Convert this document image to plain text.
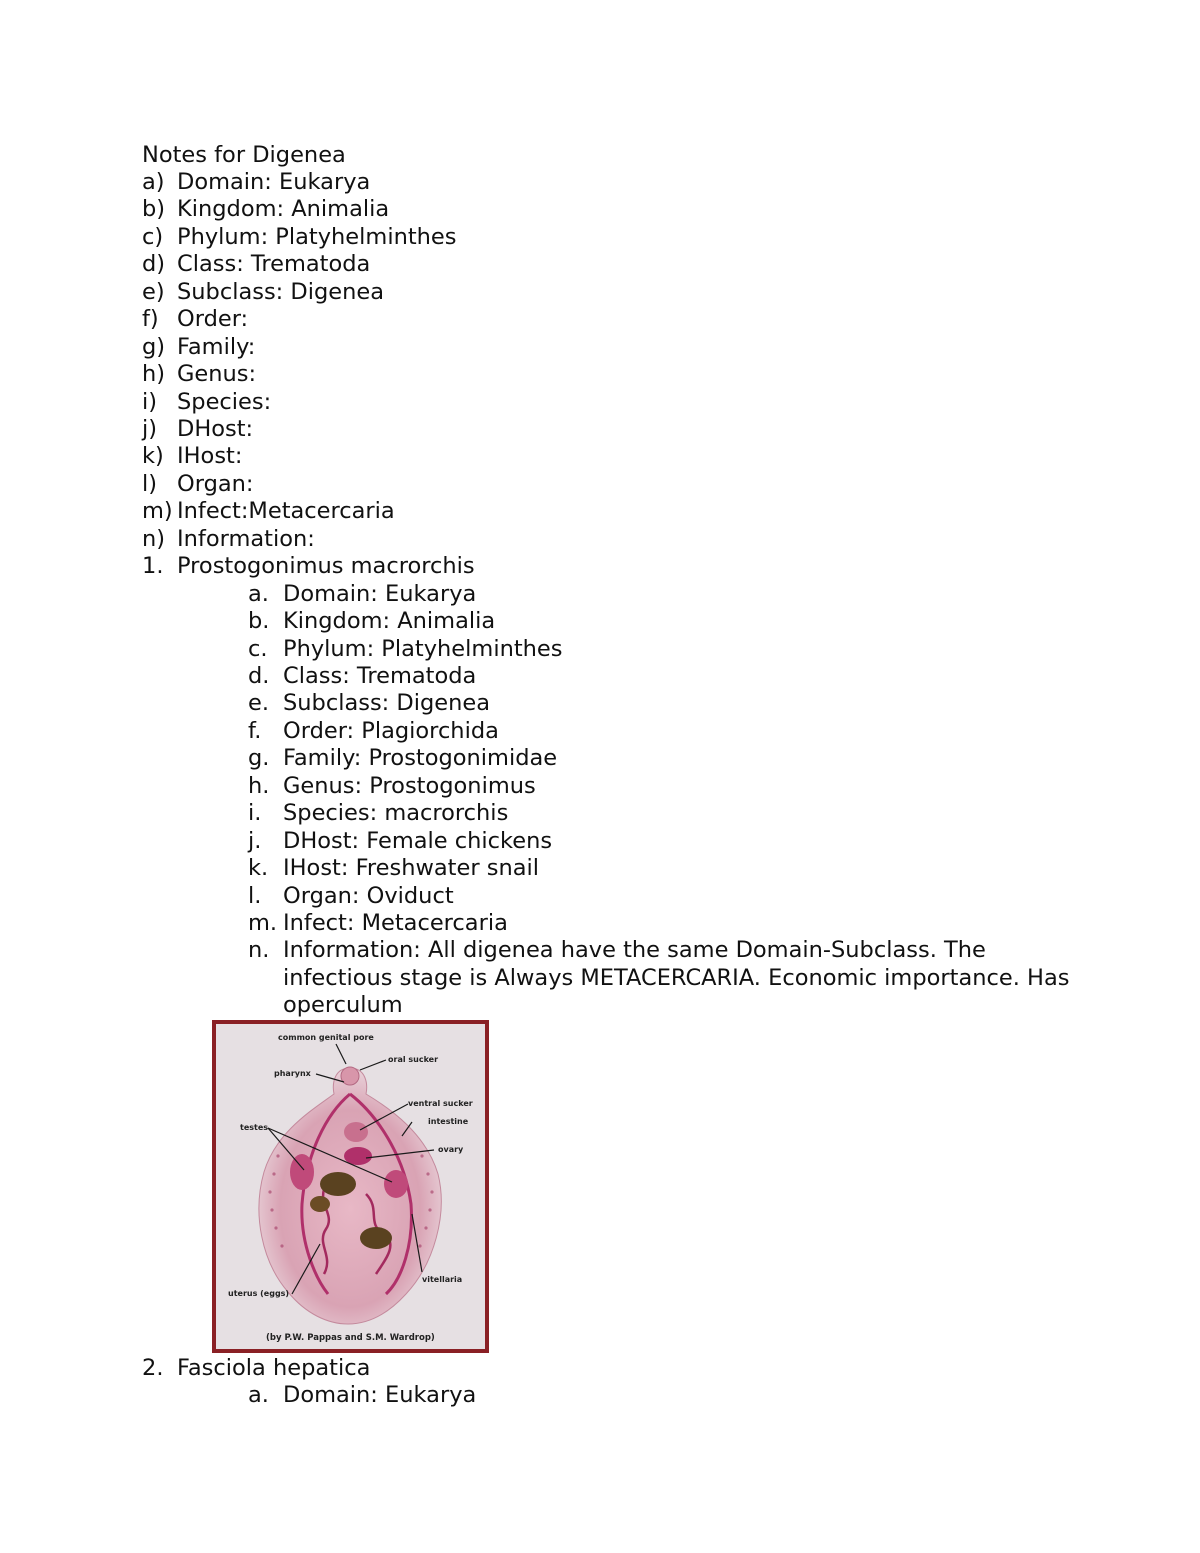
Notes for Digenea
a) Domain: Eukarya
b) Kingdom: Animalia
c) Phylum: Platyhelminthes
d) Class: Trematoda
e) Subclass: Digenea
f) Order:
g) Family:
h) Genus:
i) Species:
j) DHost:
k) IHost:
l) Organ:
m) Infect:Metacercaria
n) Information:
1. Prostogonimus macrorchis
a. Domain: Eukarya
b. Kingdom: Animalia
c. Phylum: Platyhelminthes
d. Class: Trematoda
e. Subclass: Digenea
f. Order: Plagiorchida
g. Family: Prostogonimidae
h. Genus: Prostogonimus
i. Species: macrorchis
j. DHost: Female chickens
k. IHost: Freshwater snail
l. Organ: Oviduct
m. Infect: Metacercaria
n. Information: All digenea have the same Domain-Subclass. The infectious stage is Always METACERCARIA. Economic importance. Has operculum
common genital pore
pharynx
oral sucker
ventral sucker
intestine
testes
ovary
vitellaria
uterus (eggs)
(by P.W. Pappas and S.M. Wardrop)
2. Fasciola hepatica
a. Domain: Eukarya
